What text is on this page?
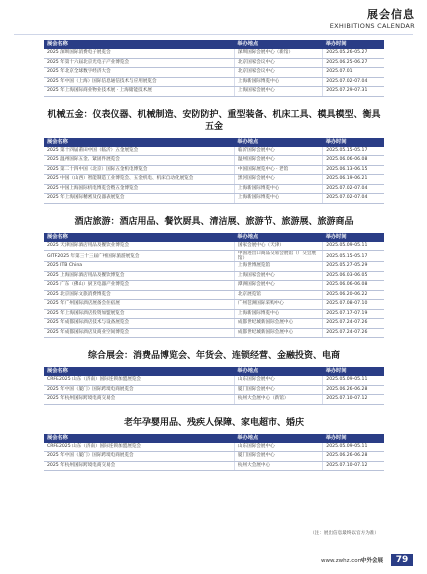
展会信息
EXHIBITIONS CALENDAR
展会名称	举办地点	举办时间
2025 深圳国际消费电子展览会	深圳国际会展中心（新馆）	2025.05.26-05.27
2025 年第十六届北京光电子产业博览会	北京国家会议中心	2025.06.25-06.27
2025 年北京全球数字经济大会	北京国家会议中心	2025.07.01
2025 年中国（上海）国际信息通信技术与应用展览会	上海新国际博览中心	2025.07.02-07.04
2025 年上海国际商业物业技术展 · 上海储能技术展	上海国家会展中心	2025.07.29-07.31
机械五金：仪表仪器、机械制造、安防防护、重型装备、机床工具、模具模型、衡具五金
展会名称	举办地点	举办时间
2025 第十四届莆田中国（临沂）五金展览会	临沂国际会展中心	2025.05.15-05.17
2025 温州国际五金、紧固件展览会	温州国际会展中心	2025.06.06-06.08
2025 第二十四中国（北京）国际五金机电博览会	中国国际展览中心 · 老馆	2025.06.13-06.15
2025 中国（山西）智能制造工业博览会、五金机电、机床自动化展览会	黑河国际会展中心	2025.06.19-06.21
2025 中国上海国际机电博览会暨五金博览会	上海新国际博览中心	2025.07.02-07.04
2025 年上海国际精密及仪器表展览会	上海新国际博览中心	2025.07.02-07.04
酒店旅游：酒店用品、餐饮厨具、清洁展、旅游节、旅游展、旅游商品
展会名称	举办地点	举办时间
2025 天津国际酒店用品及餐饮业博览会	国家会展中心（天津）	2025.05.09-05.11
GITF2025 年第三十三届广州国际旅游展览会	中国进出口商品交易会展馆（广交会展馆）	2025.05.15-05.17
2025 ITB China	上海世博展览馆	2025.05.27-05.29
2025 上海国际酒店用品及餐饮博览会	上海国家会展中心	2025.06.03-06.05
2025 广东（佛山）厨卫电器产业博览会	潭洲国际会展中心	2025.06.06-06.08
2025 北京国际文旅消费博览会	北京展览馆	2025.06.20-06.22
2025 年广州国际酒店展备会住宿展	广州琶洲国际采购中心	2025.07.08-07.10
2025 年上海国际酒店投资加盟展览会	上海新国际博览中心	2025.07.17-07.19
2025 年成都国际酒店技术与设备展览会	成都世纪城新国际会展中心	2025.07.24-07.26
2025 年成都国际酒店及商业空间博览会	成都世纪城新国际会展中心	2025.07.24-07.26
综合展会：消费品博览会、年货会、连锁经营、金融投资、电商
展会名称	举办地点	举办时间
CRFE2025 山东（济南）国际连锁加盟展览会	山东国际会展中心	2025.05.09-05.11
2025 年中国（厦门）国际跨境电商展览会	厦门国际会展中心	2025.06.26-06.28
2025 年杭州国际跨境电商交易会	杭州大会展中心（新馆）	2025.07.10-07.12
老年孕婴用品、残疾人保障、家电超市、婚庆
展会名称	举办地点	举办时间
CRFE2025 山东（济南）国际连锁加盟展览会	山东国际会展中心	2025.05.09-05.11
2025 年中国（厦门）国际跨境电商展览会	厦门国际会展中心	2025.06.26-06.28
2025 年杭州国际跨境电商交易会	杭州大会展中心	2025.07.10-07.12
（注：展出信息最终以官方为准）
www.zwhz.com
中外会展	79
